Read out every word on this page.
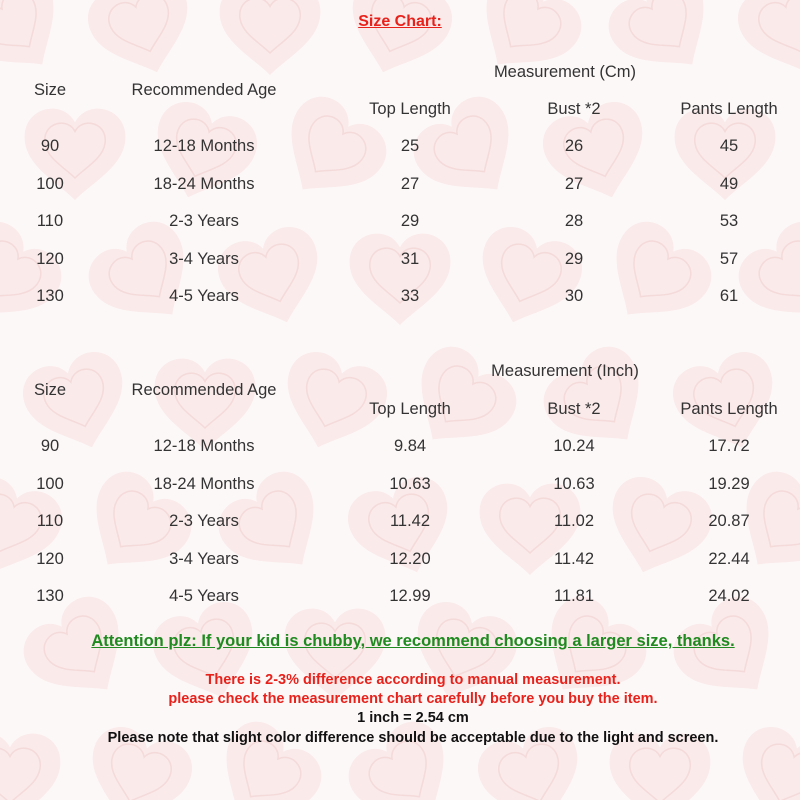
Size Chart:
Size	Recommended Age
Measurement (Cm)
Top Length	Bust *2	Pants Length
90	12-18 Months	25	26	45
100	18-24 Months	27	27	49
110	2-3 Years	29	28	53
120	3-4 Years	31	29	57
130	4-5 Years	33	30	61
Size	Recommended Age
Measurement (Inch)
Top Length	Bust *2	Pants Length
90	12-18 Months	9.84	10.24	17.72
100	18-24 Months	10.63	10.63	19.29
110	2-3 Years	11.42	11.02	20.87
120	3-4 Years	12.20	11.42	22.44
130	4-5 Years	12.99	11.81	24.02
Attention plz: If your kid is chubby, we recommend choosing a larger size, thanks.
There is 2-3% difference according to manual measurement.
please check the measurement chart carefully before you buy the item.
1 inch = 2.54 cm
Please note that slight color difference should be acceptable due to the light and screen.
